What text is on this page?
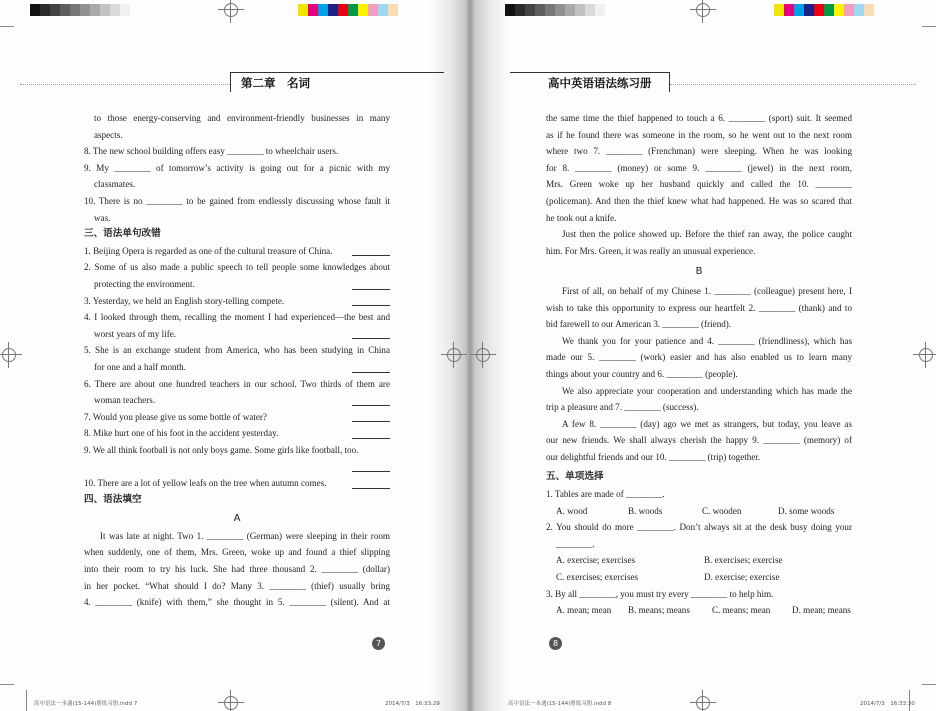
第二章　名词	高中英语语法练习册
to those energy-conserving and environment-friendly businesses in many
aspects.
8. The new school building offers easy ________ to wheelchair users.
9. My ________ of tomorrow’s activity is going out for a picnic with my
classmates.
10. There is no ________ to be gained from endlessly discussing whose fault it
was.
三、语法单句改错
1. Beijing Opera is regarded as one of the cultural treasure of China.
2. Some of us also made a public speech to tell people some knowledges about
protecting the environment.
3. Yesterday, we held an English story-telling compete.
4. I looked through them, recalling the moment I had experienced—the best and
worst years of my life.
5. She is an exchange student from America, who has been studying in China
for one and a half month.
6. There are about one hundred teachers in our school. Two thirds of them are
woman teachers.
7. Would you please give us some bottle of water?
8. Mike hurt one of his foot in the accident yesterday.
9. We all think football is not only boys game. Some girls like football, too.

10. There are a lot of yellow leafs on the tree when autumn comes.
四、语法填空
A
It was late at night. Two 1. ________ (German) were sleeping in their room
when suddenly, one of them, Mrs. Green, woke up and found a thief slipping
into their room to try his luck. She had three thousand 2. ________ (dollar)
in her pocket. “What should I do? Many 3. ________ (thief) usually bring
4. ________ (knife) with them,” she thought in 5. ________ (silent). And at
7
the same time the thief happened to touch a 6. ________ (sport) suit. It seemed
as if he found there was someone in the room, so he went out to the next room
where two 7. ________ (Frenchman) were sleeping. When he was looking
for 8. ________ (money) or some 9. ________ (jewel) in the next room,
Mrs. Green woke up her husband quickly and called the 10. ________
(policeman). And then the thief knew what had happened. He was so scared that
he took out a knife.
Just then the police showed up. Before the thief ran away, the police caught
him. For Mrs. Green, it was really an unusual experience.
B
First of all, on behalf of my Chinese 1. ________ (colleague) present here, I
wish to take this opportunity to express our heartfelt 2. ________ (thank) and to
bid farewell to our American 3. ________ (friend).
We thank you for your patience and 4. ________ (friendliness), which has
made our 5. ________ (work) easier and has also enabled us to learn many
things about your country and 6. ________ (people).
We also appreciate your cooperation and understanding which has made the
trip a pleasure and 7. ________ (success).
A few 8. ________ (day) ago we met as strangers, but today, you leave as
our new friends. We shall always cherish the happy 9. ________ (memory) of
our delightful friends and our 10. ________ (trip) together.
五、单项选择
1. Tables are made of ________.
A. wood	B. woods	C. wooden	D. some woods
2. You should do more ________. Don’t always sit at the desk busy doing your
________.
A. exercise; exercises	B. exercises; exercise
C. exercises; exercises	D. exercise; exercise
3. By all ________, you must try every ________ to help him.
A. mean; mean	B. means; means	C. means; mean	D. mean; means
8
高中语法一本通(15-144)册练习册.indd 7	2014/7/3　16:33:29	高中语法一本通(15-144)册练习册.indd 8	2014/7/3　16:33:30
